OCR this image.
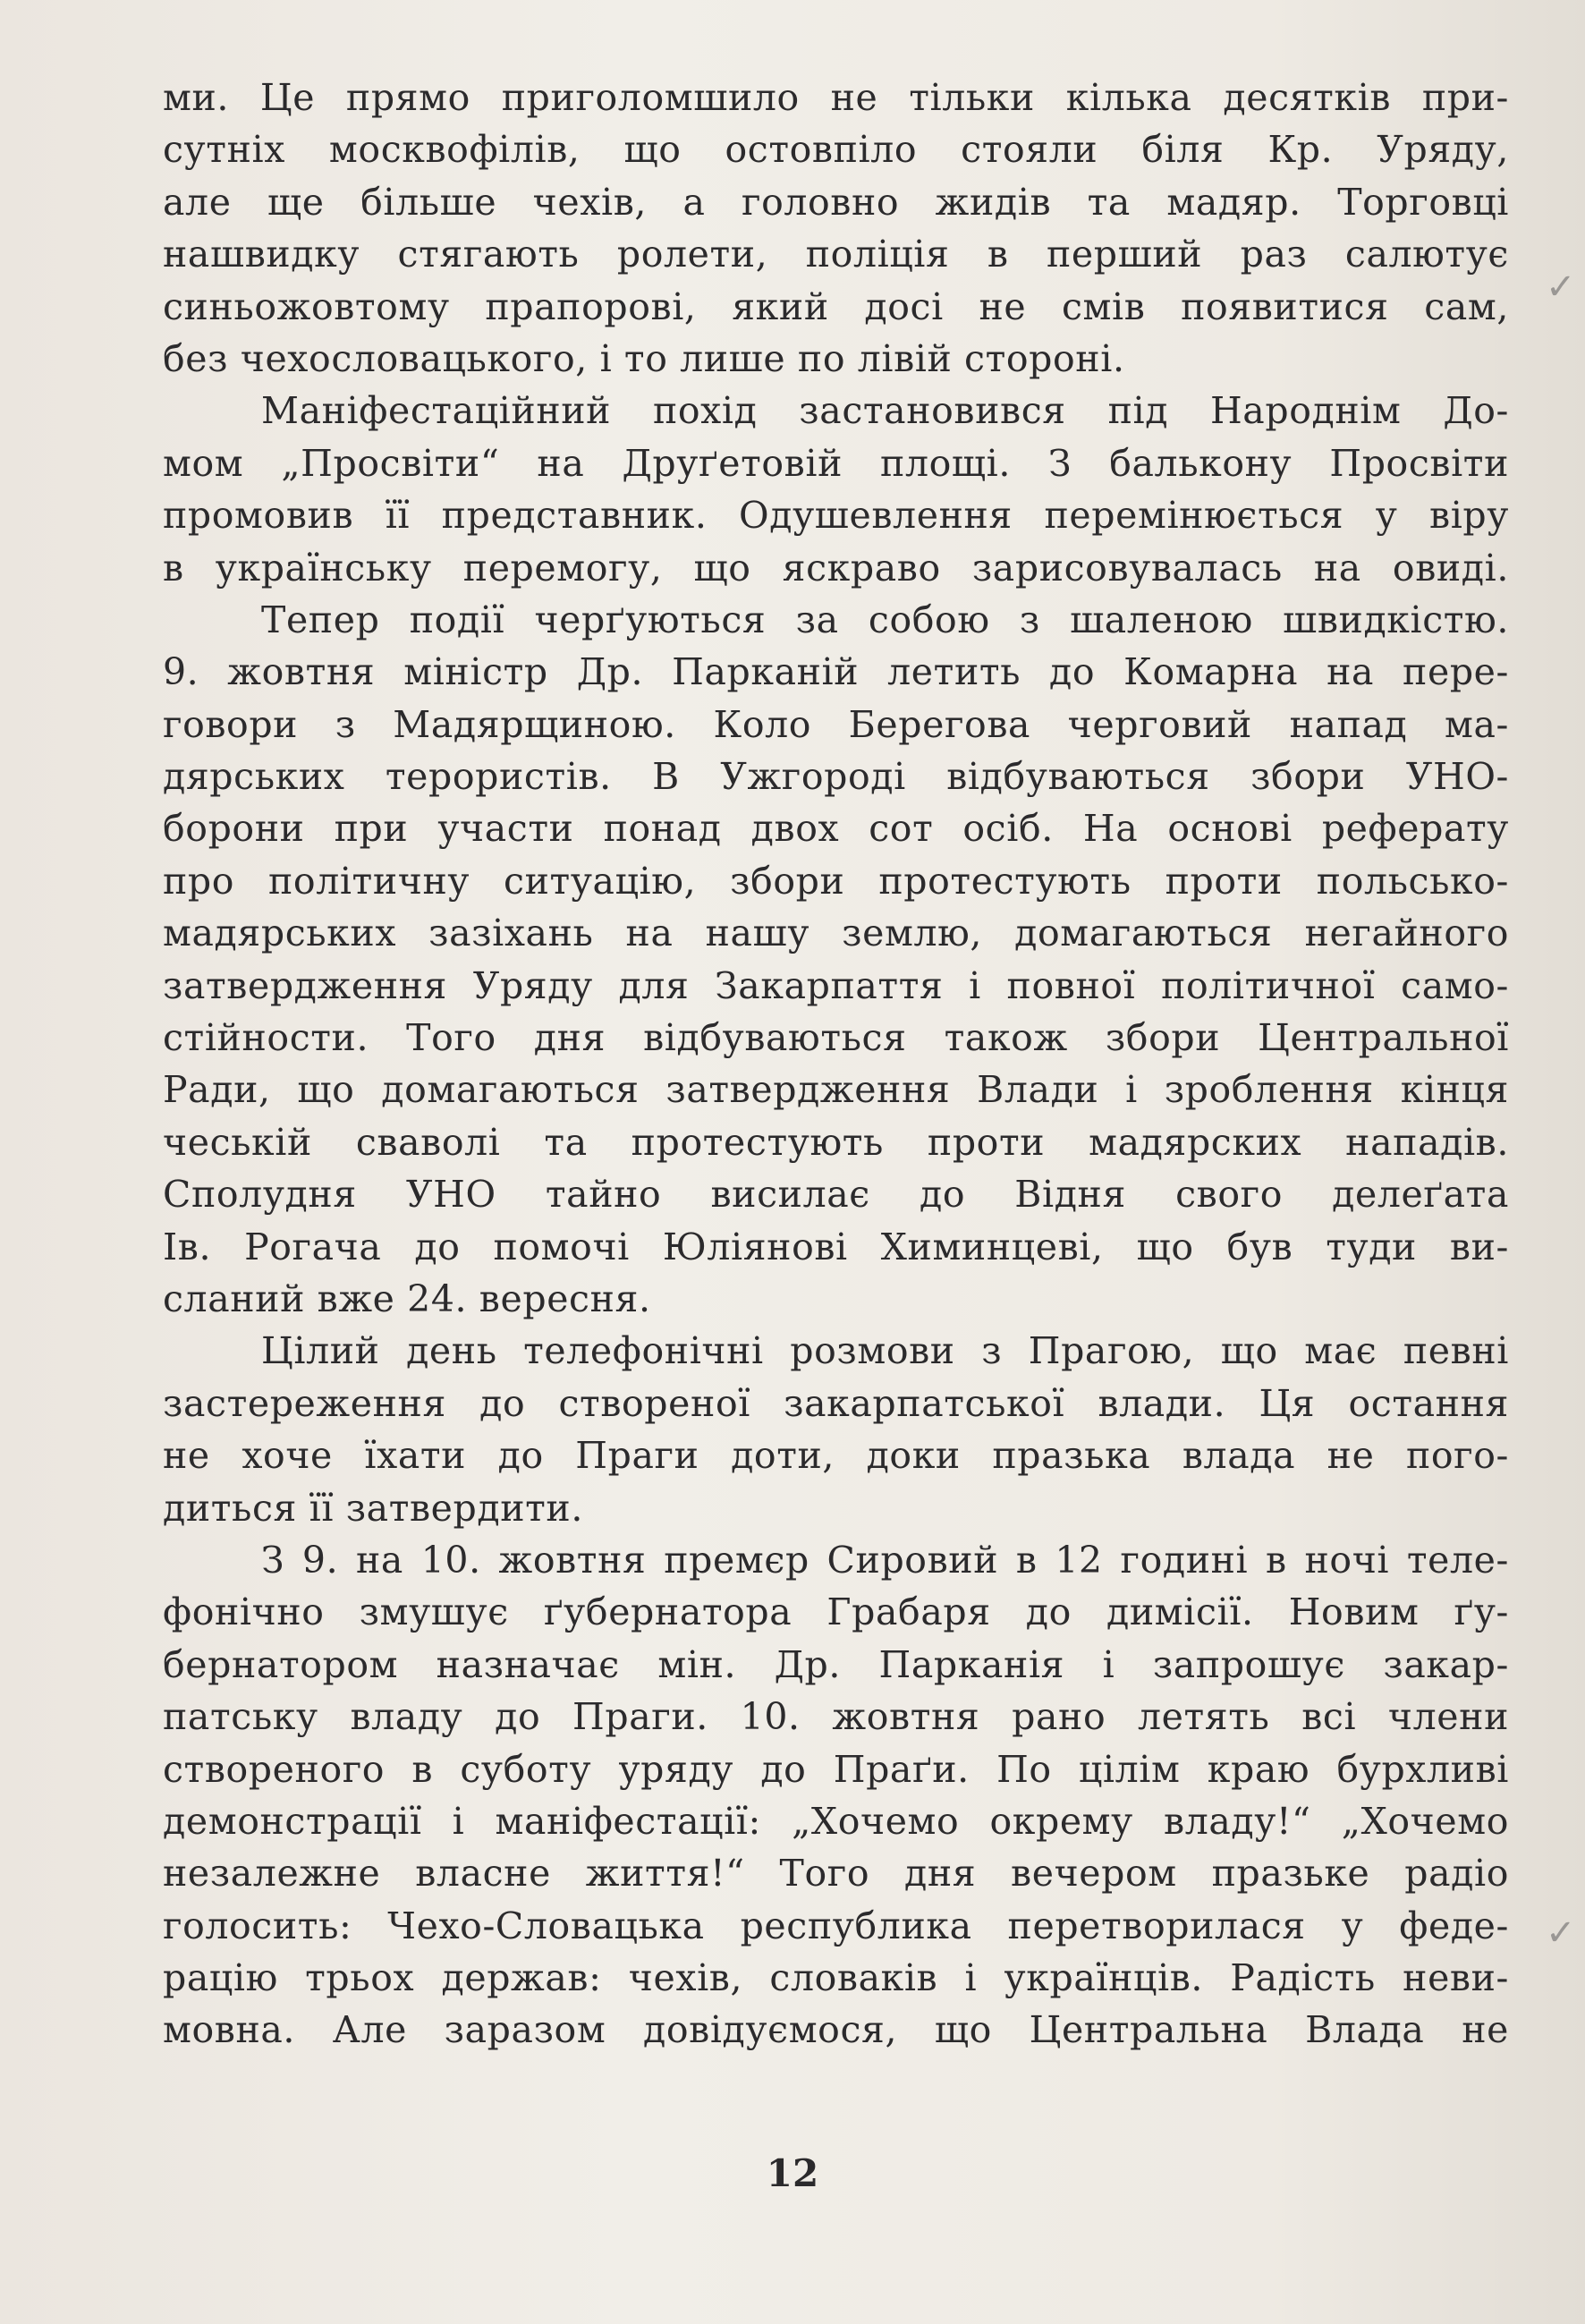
ми. Це прямо приголомшило не тільки кілька десятків при-
сутніх москвофілів, що остовпіло стояли біля Кр. Уряду,
але ще більше чехів, а головно жидів та мадяр. Торговці
нашвидку стягають ролети, поліція в перший раз салютує
синьожовтому прапорові, який досі не смів появитися сам,
без чехословацького, і то лише по лівій стороні.
Маніфестаційний похід застановився під Народнім До-
мом „Просвіти“ на Друґетовій площі. З балькону Просвіти
промовив її представник. Одушевлення перемінюється у віру
в українську перемогу, що яскраво зарисовувалась на овиді.
Тепер події черґуються за собою з шаленою швидкістю.
9. жовтня міністр Др. Парканій летить до Комарна на пере-
говори з Мадярщиною. Коло Берегова черговий напад ма-
дярських терористів. В Ужгороді відбуваються збори УНО-
борони при участи понад двох сот осіб. На основі реферату
про політичну ситуацію, збори протестують проти польсько-
мадярських зазіхань на нашу землю, домагаються негайного
затвердження Уряду для Закарпаття і повної політичної само-
стійности. Того дня відбуваються також збори Центральної
Ради, що домагаються затвердження Влади і зроблення кінця
чеській сваволі та протестують проти мадярских нападів.
Сполудня УНО тайно висилає до Відня свого делеґата
Ів. Рогача до помочі Юліянові Химинцеві, що був туди ви-
сланий вже 24. вересня.
Цілий день телефонічні розмови з Прагою, що має певні
застереження до створеної закарпатської влади. Ця остання
не хоче їхати до Праги доти, доки празька влада не пого-
диться її затвердити.
З 9. на 10. жовтня премєр Сировий в 12 годині в ночі теле-
фонічно змушує ґубернатора Грабаря до димісії. Новим ґу-
бернатором назначає мін. Др. Парканія і запрошує закар-
патську владу до Праги. 10. жовтня рано летять всі члени
створеного в суботу уряду до Праґи. По цілім краю бурхливі
демонстрації і маніфестації: „Хочемо окрему владу!“ „Хочемо
незалежне власне життя!“ Того дня вечером празьке радіо
голосить: Чехо-Словацька республика перетворилася у феде-
рацію трьох держав: чехів, словаків і українців. Радість неви-
мовна. Але заразом довідуємося, що Центральна Влада не
✓
✓
12
